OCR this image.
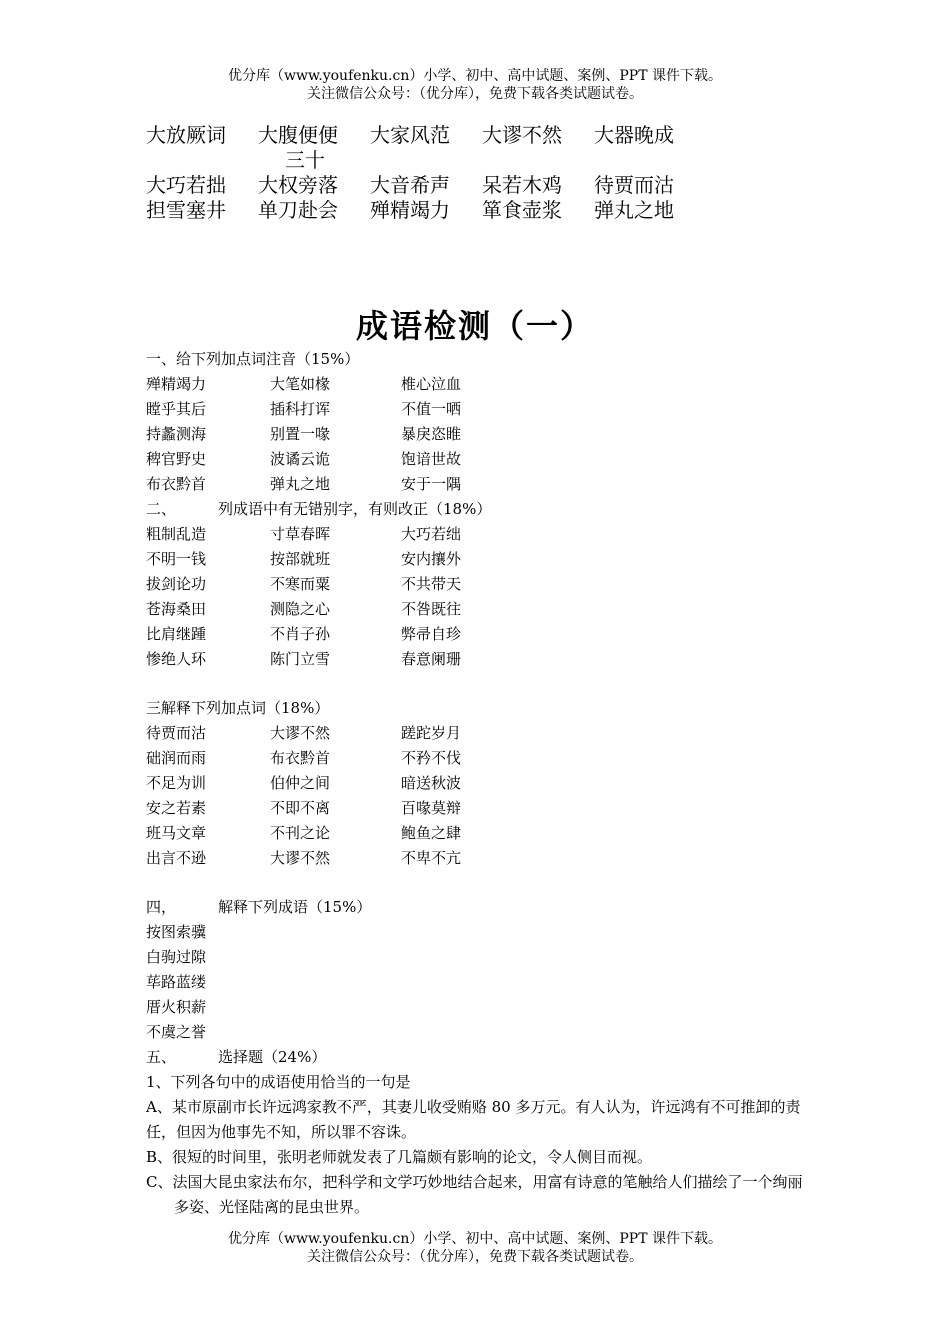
优分库（www.youfenku.cn）小学、初中、高中试题、案例、PPT 课件下载。
关注微信公众号：（优分库），免费下载各类试题试卷。
大放厥词 大腹便便 大家风范 大谬不然 大器晚成
三十
大巧若拙 大权旁落 大音希声 呆若木鸡 待贾而沽
担雪塞井 单刀赴会 殚精竭力 箪食壶浆 弹丸之地
成语检测（一）
一、给下列加点词注音（15%）
殚精竭力	大笔如椽	椎心泣血
瞠乎其后	插科打诨	不值一哂
持蠡测海	别置一喙	暴戾恣睢
稗官野史	波谲云诡	饱谙世故
布衣黔首	弹丸之地	安于一隅
二、	列成语中有无错别字，有则改正（18%）
粗制乱造	寸草春晖	大巧若绌
不明一钱	按部就班	安内攘外
拔剑论功	不寒而粟	不共带天
苍海桑田	测隐之心	不咎既往
比肩继踵	不肖子孙	弊帚自珍
惨绝人环	陈门立雪	春意阑珊
三解释下列加点词（18%）
待贾而沽	大谬不然	蹉跎岁月
础润而雨	布衣黔首	不矜不伐
不足为训	伯仲之间	暗送秋波
安之若素	不即不离	百喙莫辩
班马文章	不刊之论	鲍鱼之肆
出言不逊	大谬不然	不卑不亢
四，	解释下列成语（15%）
按图索骥
白驹过隙
荜路蓝缕
厝火积薪
不虞之誉
五、	选择题（24%）
1、下列各句中的成语使用恰当的一句是

A、某市原副市长许远鸿家教不严，其妻儿收受贿赂 80 多万元。有人认为，许远鸿有不可推卸的责任，但因为他事先不知，所以罪不容诛。

B、很短的时间里，张明老师就发表了几篇颇有影响的论文，令人侧目而视。

C、法国大昆虫家法布尔，把科学和文学巧妙地结合起来，用富有诗意的笔触给人们描绘了一个绚丽多姿、光怪陆离的昆虫世界。

优分库（www.youfenku.cn）小学、初中、高中试题、案例、PPT 课件下载。
关注微信公众号：（优分库），免费下载各类试题试卷。
